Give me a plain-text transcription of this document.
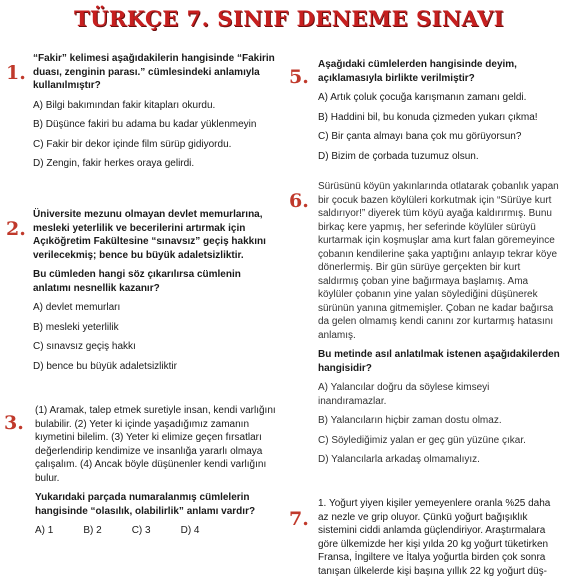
TÜRKÇE 7. SINIF DENEME SINAVI
1.
“Fakir” kelimesi aşağıdakilerin hangisinde “Fakirin duası, zenginin parası.” cümlesindeki anlamıyla kullanılmıştır?
A) Bilgi bakımından fakir kitapları okurdu.
B) Düşünce fakiri bu adama bu kadar yüklenmeyin
C) Fakir bir dekor içinde film sürüp gidiyordu.
D) Zengin, fakir herkes oraya gelirdi.
2.
Üniversite mezunu olmayan devlet memurlarına, mesleki yeterlilik ve becerilerini artırmak için Açıköğretim Fakültesine “sınavsız” geçiş hakkını verilecekmiş; bence bu büyük adaletsizliktir.
Bu cümleden hangi söz çıkarılırsa cümlenin anlatımı nesnellik kazanır?
A) devlet memurları
B) mesleki yeterlilik
C) sınavsız geçiş hakkı
D) bence bu büyük adaletsizliktir
3.
(1) Aramak, talep etmek suretiyle insan, kendi varlığını bulabilir. (2) Yeter ki içinde yaşadığımız zamanın kıymetini bilelim. (3) Yeter ki elimize geçen fırsatları değerlendirip kendimize ve insanlığa yararlı olmaya çalışalım. (4) Ancak böyle düşünenler kendi varlığını bulur.
Yukarıdaki parçada numaralanmış cümlelerin hangisinde “olasılık, olabilirlik” anlamı vardır?
A) 1	B) 2	C) 3	D) 4
5.
Aşağıdaki cümlelerden hangisinde deyim, açıklamasıyla birlikte verilmiştir?
A) Artık çoluk çocuğa karışmanın zamanı geldi.
B) Haddini bil, bu konuda çizmeden yukarı çıkma!
C) Bir çanta almayı bana çok mu görüyorsun?
D) Bizim de çorbada tuzumuz olsun.
6.
Sürüsünü köyün yakınlarında otlatarak çobanlık yapan bir çocuk bazen köylüleri korkutmak için “Sürüye kurt saldırıyor!” diyerek tüm köyü ayağa kaldırırmış. Bunu birkaç kere yapmış, her seferinde köylüler sürüyü kurtarmak için koşmuşlar ama kurt falan göremeyince çobanın kendilerine şaka yaptığını anlayıp tekrar köye dönerlermiş. Bir gün sürüye gerçekten bir kurt saldırmış çoban yine bağırmaya başlamış. Ama köylüler çobanın yine yalan söylediğini düşünerek sürünün yanına gitmemişler. Çoban ne kadar bağırsa da gelen olmamış kendi canını zor kurtarmış hatasını anlamış.
Bu metinde asıl anlatılmak istenen aşağıdakilerden hangisidir?
A) Yalancılar doğru da söylese kimseyi inandıramazlar.
B) Yalancıların hiçbir zaman dostu olmaz.
C) Söylediğimiz yalan er geç gün yüzüne çıkar.
D) Yalancılarla arkadaş olmamalıyız.
7.
1. Yoğurt yiyen kişiler yemeyenlere oranla %25 daha az nezle ve grip oluyor. Çünkü yoğurt bağışıklık sistemini ciddi anlamda güçlendiriyor. Araştırmalara göre ülkemizde her kişi yılda 20 kg yoğurt tüketirken Fransa, İngiltere ve İtalya yoğurtla birden çok sonra tanışan ülkelerde kişi başına yıllık 22 kg yoğurt düş-
